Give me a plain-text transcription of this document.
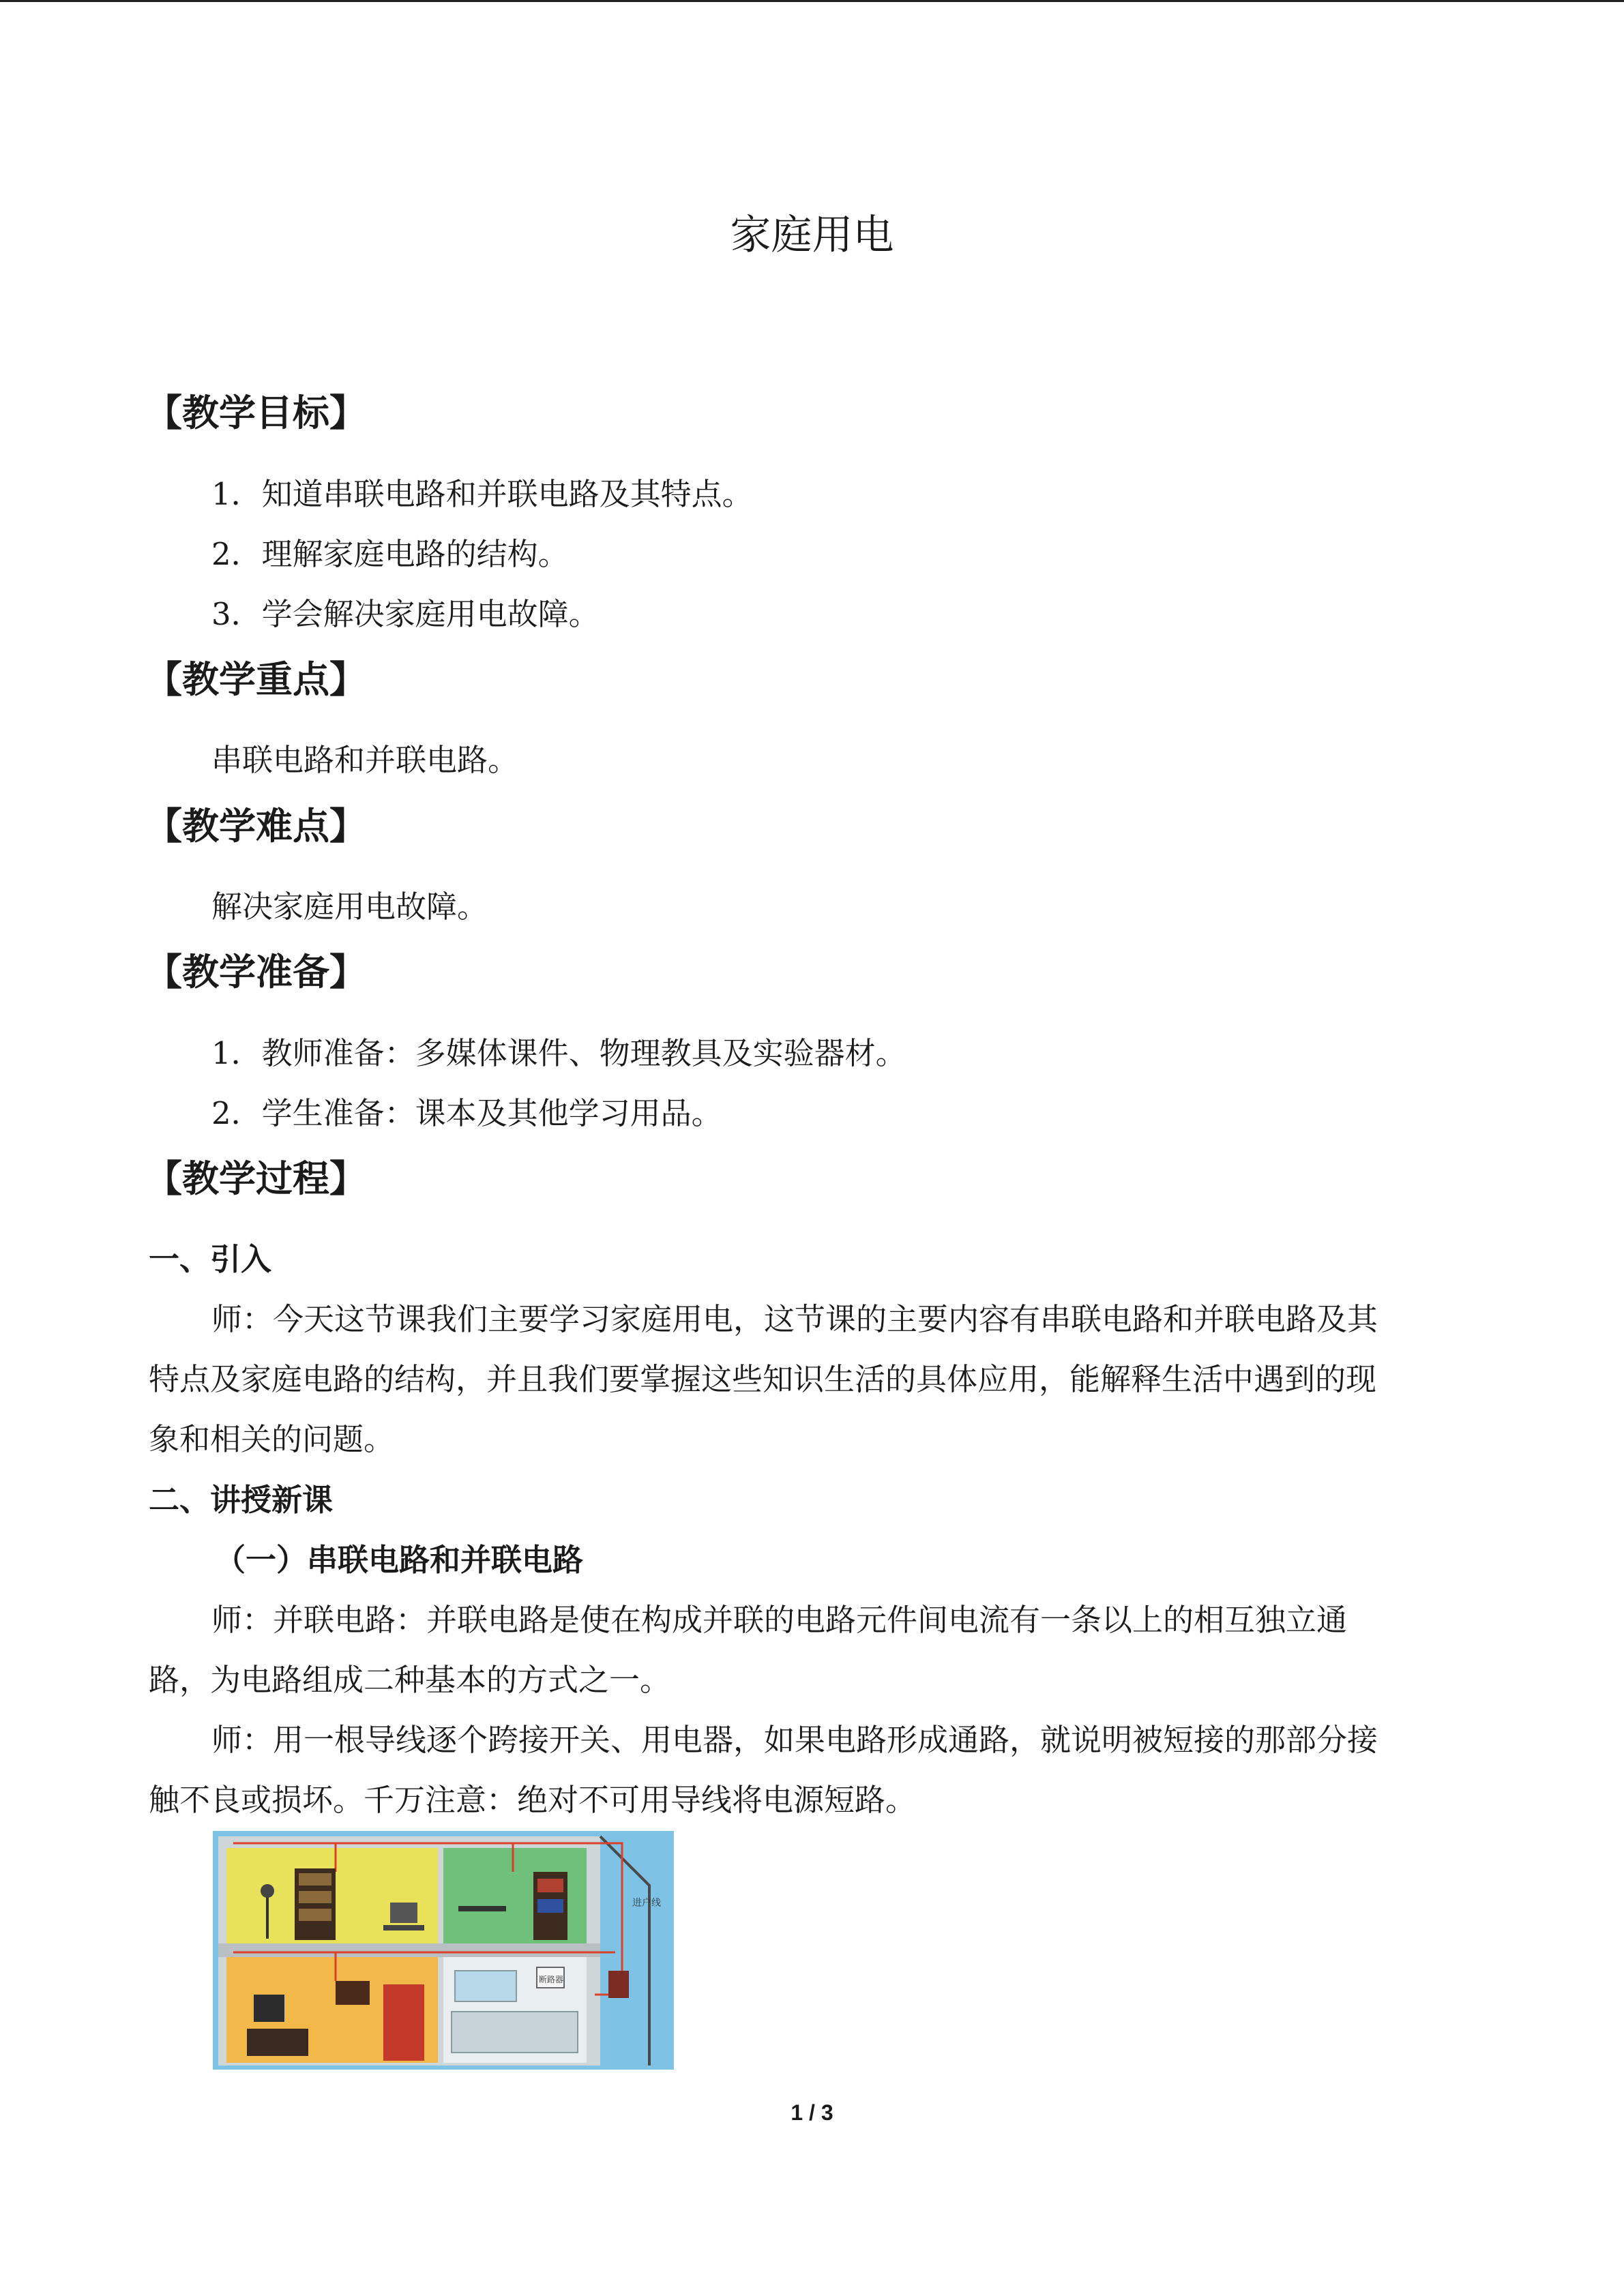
家庭用电
【教学目标】
1．知道串联电路和并联电路及其特点。
2．理解家庭电路的结构。
3．学会解决家庭用电故障。
【教学重点】
串联电路和并联电路。
【教学难点】
解决家庭用电故障。
【教学准备】
1．教师准备：多媒体课件、物理教具及实验器材。
2．学生准备：课本及其他学习用品。
【教学过程】
一、引入
师：今天这节课我们主要学习家庭用电，这节课的主要内容有串联电路和并联电路及其
特点及家庭电路的结构，并且我们要掌握这些知识生活的具体应用，能解释生活中遇到的现
象和相关的问题。
二、讲授新课
（一）串联电路和并联电路
师：并联电路：并联电路是使在构成并联的电路元件间电流有一条以上的相互独立通
路，为电路组成二种基本的方式之一。
师：用一根导线逐个跨接开关、用电器，如果电路形成通路，就说明被短接的那部分接
触不良或损坏。千万注意：绝对不可用导线将电源短路。
进户线
断路器
1 / 3
